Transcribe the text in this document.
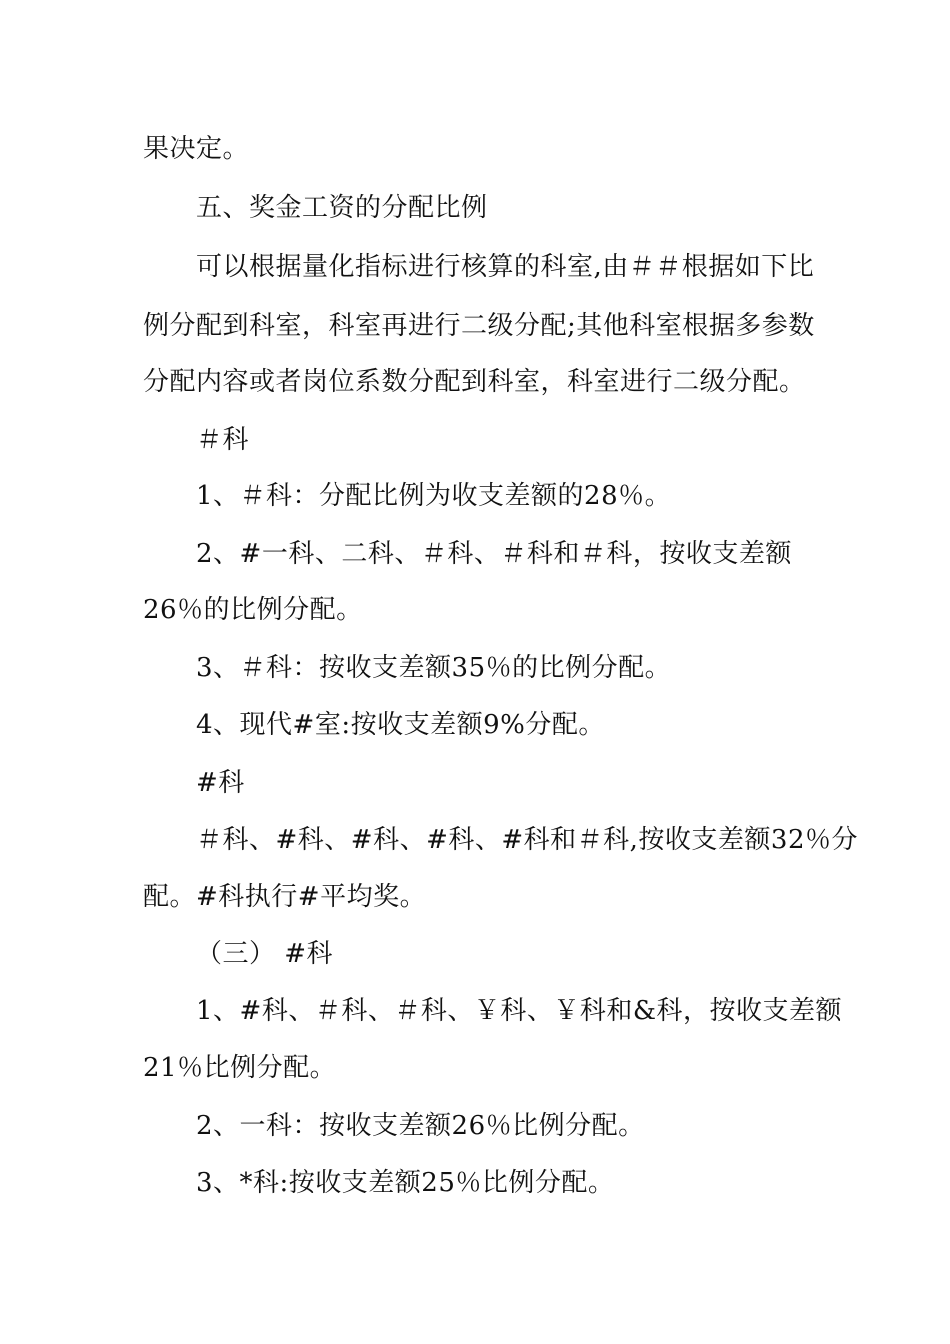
果决定。
五、奖金工资的分配比例
可以根据量化指标进行核算的科室,由＃＃根据如下比
例分配到科室，科室再进行二级分配;其他科室根据多参数
分配内容或者岗位系数分配到科室，科室进行二级分配。
＃科
1、＃科：分配比例为收支差额的28％。
2、#一科、二科、＃科、＃科和＃科，按收支差额
26％的比例分配。
3、＃科：按收支差额35％的比例分配。
4、现代#室:按收支差额9%分配。
#科
＃科、#科、#科、#科、#科和＃科,按收支差额32％分
配。#科执行#平均奖。
（三） #科
1、#科、＃科、＃科、￥科、￥科和&科，按收支差额
21％比例分配。
2、一科：按收支差额26％比例分配。
3、*科:按收支差额25％比例分配。
